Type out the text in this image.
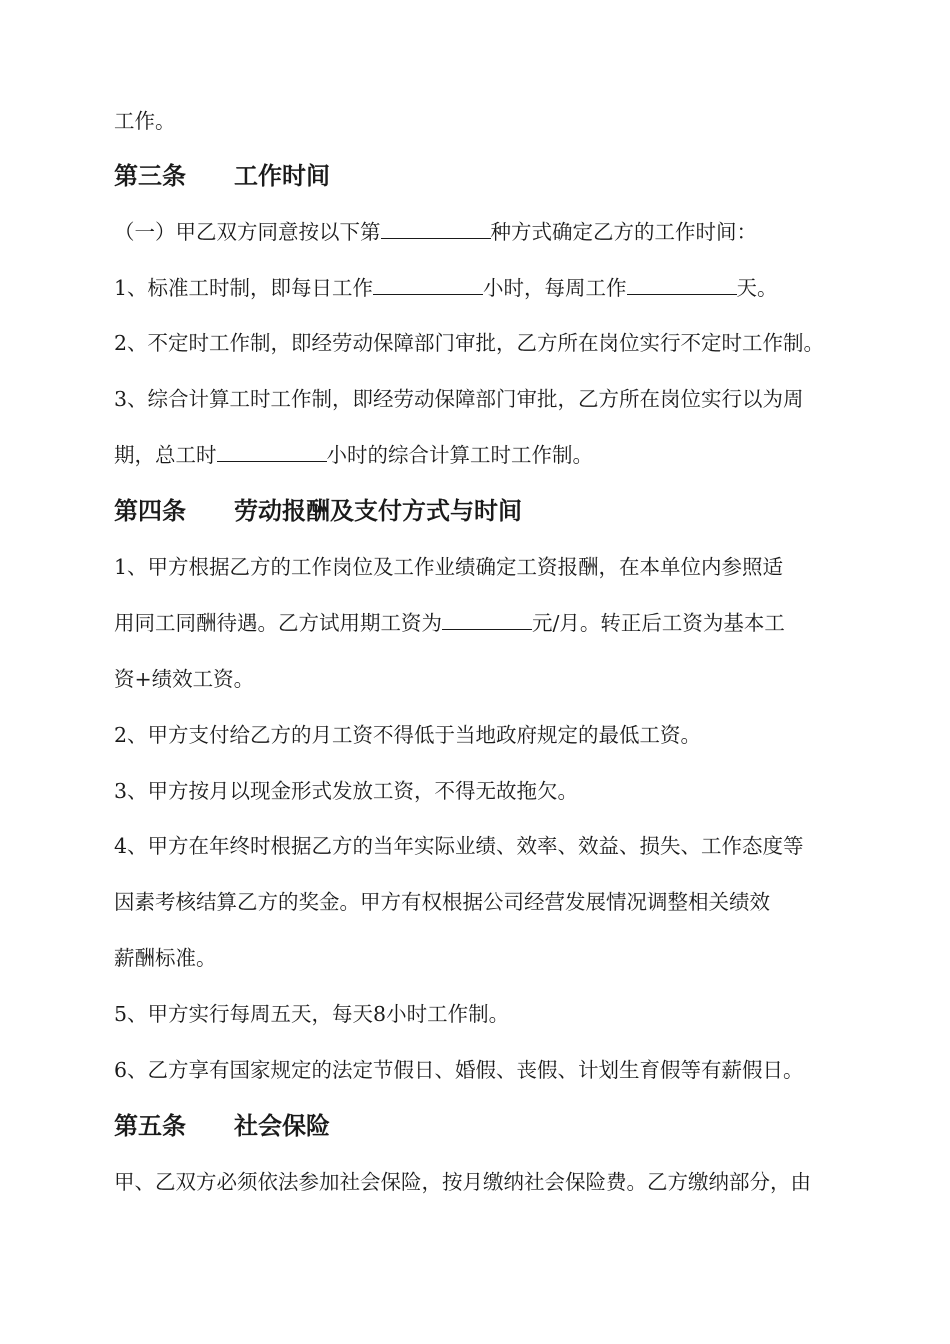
工作。
第三条 工作时间
（一）甲乙双方同意按以下第	种方式确定乙方的工作时间：
1、标准工时制，即每日工作	小时，每周工作	天。
2、不定时工作制，即经劳动保障部门审批，乙方所在岗位实行不定时工作制。
3、综合计算工时工作制，即经劳动保障部门审批，乙方所在岗位实行以为周
期，总工时	小时的综合计算工时工作制。
第四条 劳动报酬及支付方式与时间
1、甲方根据乙方的工作岗位及工作业绩确定工资报酬，在本单位内参照适
用同工同酬待遇。乙方试用期工资为	元/月。转正后工资为基本工
资+绩效工资。
2、甲方支付给乙方的月工资不得低于当地政府规定的最低工资。
3、甲方按月以现金形式发放工资，不得无故拖欠。
4、甲方在年终时根据乙方的当年实际业绩、效率、效益、损失、工作态度等
因素考核结算乙方的奖金。甲方有权根据公司经营发展情况调整相关绩效
薪酬标准。
5、甲方实行每周五天，每天8小时工作制。
6、乙方享有国家规定的法定节假日、婚假、丧假、计划生育假等有薪假日。
第五条 社会保险
甲、乙双方必须依法参加社会保险，按月缴纳社会保险费。乙方缴纳部分，由
